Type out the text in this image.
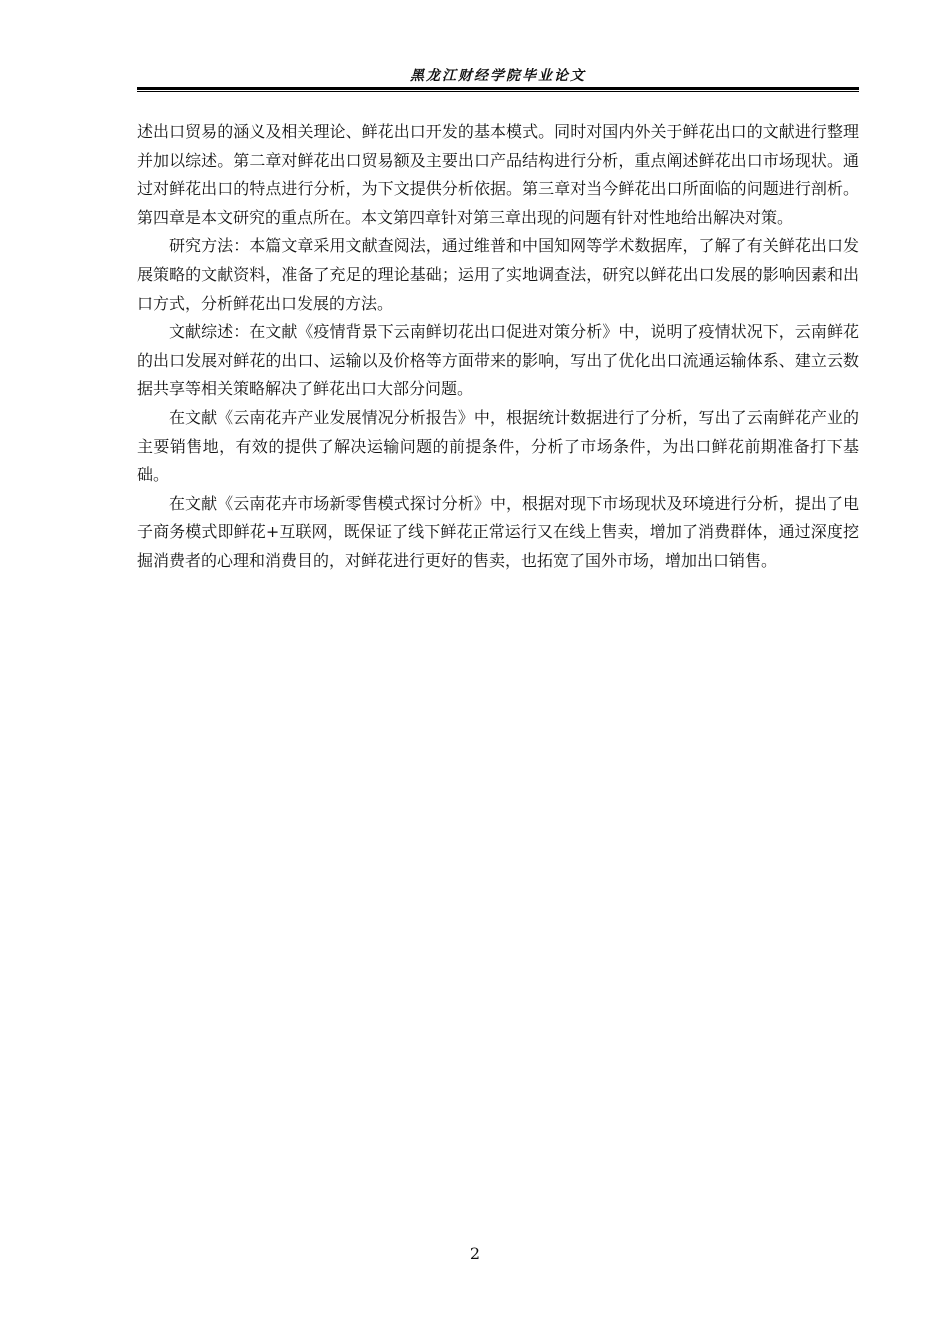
黑龙江财经学院毕业论文

述出口贸易的涵义及相关理论、鲜花出口开发的基本模式。同时对国内外关于鲜花出口的文献进行整理并加以综述。第二章对鲜花出口贸易额及主要出口产品结构进行分析，重点阐述鲜花出口市场现状。通过对鲜花出口的特点进行分析，为下文提供分析依据。第三章对当今鲜花出口所面临的问题进行剖析。第四章是本文研究的重点所在。本文第四章针对第三章出现的问题有针对性地给出解决对策。

研究方法：本篇文章采用文献查阅法，通过维普和中国知网等学术数据库，了解了有关鲜花出口发展策略的文献资料，准备了充足的理论基础；运用了实地调查法，研究以鲜花出口发展的影响因素和出口方式，分析鲜花出口发展的方法。

文献综述：在文献《疫情背景下云南鲜切花出口促进对策分析》中，说明了疫情状况下，云南鲜花的出口发展对鲜花的出口、运输以及价格等方面带来的影响，写出了优化出口流通运输体系、建立云数据共享等相关策略解决了鲜花出口大部分问题。

在文献《云南花卉产业发展情况分析报告》中，根据统计数据进行了分析，写出了云南鲜花产业的主要销售地，有效的提供了解决运输问题的前提条件，分析了市场条件，为出口鲜花前期准备打下基础。

在文献《云南花卉市场新零售模式探讨分析》中，根据对现下市场现状及环境进行分析，提出了电子商务模式即鲜花+互联网，既保证了线下鲜花正常运行又在线上售卖，增加了消费群体，通过深度挖掘消费者的心理和消费目的，对鲜花进行更好的售卖，也拓宽了国外市场，增加出口销售。

2
